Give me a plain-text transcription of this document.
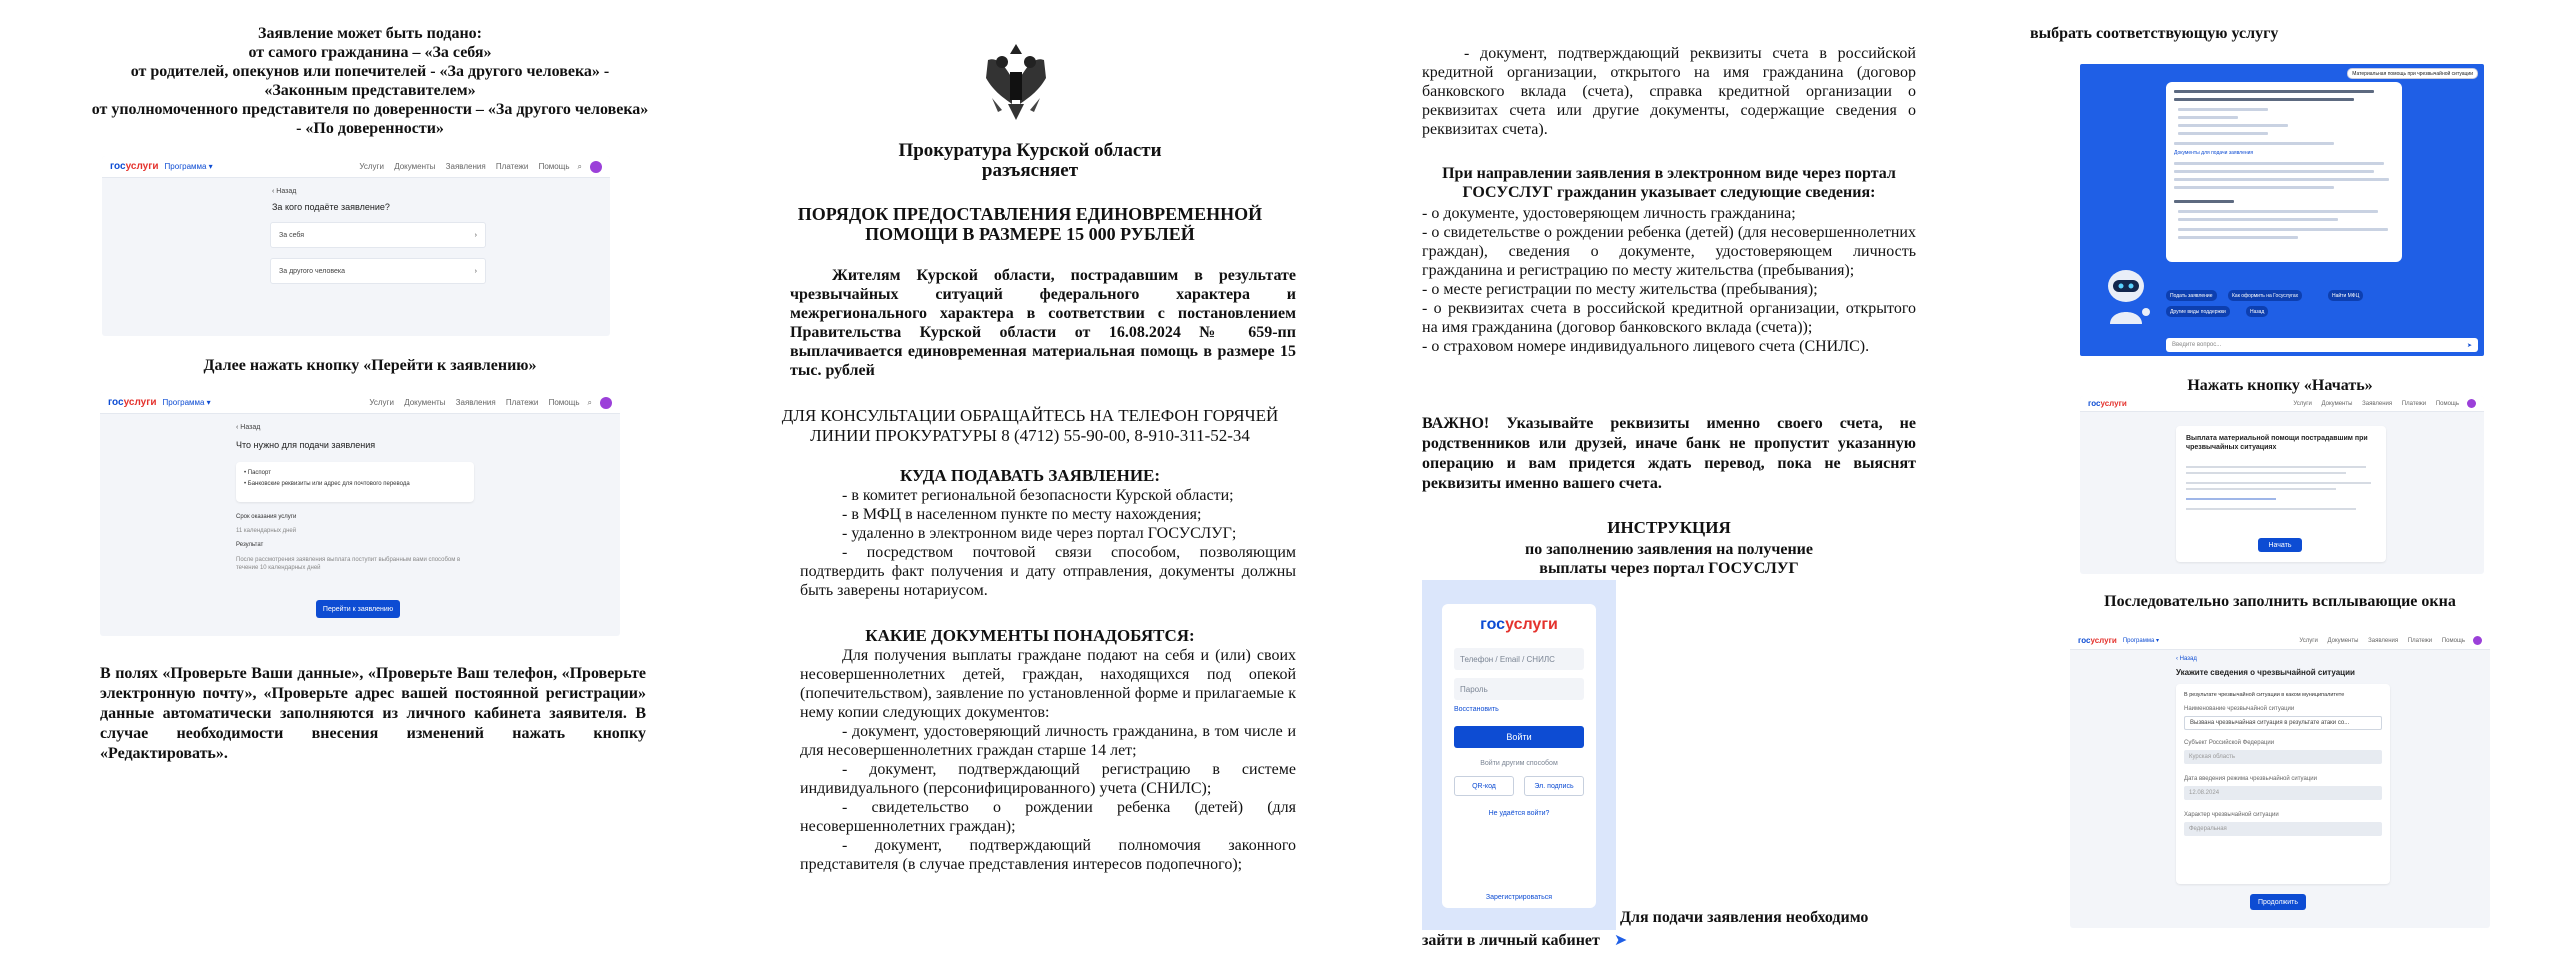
Заявление может быть подано:
от самого гражданина – «За себя»
от родителей, опекунов или попечителей - «За другого человека» - «Законным представителем»
от уполномоченного представителя по доверенности – «За другого человека» - «По доверенности»
госуслуги Программа ▾	Услуги Документы Заявления Платежи Помощь ⌕
‹ Назад
За кого подаёте заявление?
За себя	›
За другого человека	›
Далее нажать кнопку «Перейти к заявлению»
госуслуги Программа ▾	Услуги Документы Заявления Платежи Помощь ⌕
‹ Назад
Что нужно для подачи заявления
• Паспорт
• Банковские реквизиты или адрес для почтового перевода
Срок оказания услуги
11 календарных дней
Результат
После рассмотрения заявления выплата поступит выбранным вами способом в течение 10 календарных дней
Перейти к заявлению
В полях «Проверьте Ваши данные», «Проверьте Ваш телефон, «Проверьте электронную почту», «Проверьте адрес вашей постоянной регистрации» данные автоматически заполняются из личного кабинета заявителя. В случае необходимости внесения изменений нажать кнопку «Редактировать».
Прокуратура Курской области
разъясняет
ПОРЯДОК ПРЕДОСТАВЛЕНИЯ ЕДИНОВРЕМЕННОЙ
ПОМОЩИ В РАЗМЕРЕ 15 000 РУБЛЕЙ
Жителям Курской области, пострадавшим в результате чрезвычайных ситуаций федерального характера и межрегионального характера в соответствии с постановлением Правительства Курской области от 16.08.2024 № 659-пп выплачивается единовременная материальная помощь в размере 15 тыс. рублей
ДЛЯ КОНСУЛЬТАЦИИ ОБРАЩАЙТЕСЬ НА ТЕЛЕФОН ГОРЯЧЕЙ ЛИНИИ ПРОКУРАТУРЫ 8 (4712) 55-90-00, 8-910-311-52-34
КУДА ПОДАВАТЬ ЗАЯВЛЕНИЕ:
- в комитет региональной безопасности Курской области;
- в МФЦ в населенном пункте по месту нахождения;
- удаленно в электронном виде через портал ГОСУСЛУГ;
- посредством почтовой связи способом, позволяющим подтвердить факт получения и дату отправления, документы должны быть заверены нотариусом.
КАКИЕ ДОКУМЕНТЫ ПОНАДОБЯТСЯ:
Для получения выплаты граждане подают на себя и (или) своих несовершеннолетних детей, граждан, находящихся под опекой (попечительством), заявление по установленной форме и прилагаемые к нему копии следующих документов:
- документ, удостоверяющий личность гражданина, в том числе и для несовершеннолетних граждан старше 14 лет;
- документ, подтверждающий регистрацию в системе индивидуального (персонифицированного) учета (СНИЛС);
- свидетельство о рождении ребенка (детей) (для несовершеннолетних граждан);
- документ, подтверждающий полномочия законного представителя (в случае представления интересов подопечного);
- документ, подтверждающий реквизиты счета в российской кредитной организации, открытого на имя гражданина (договор банковского вклада (счета), справка кредитной организации о реквизитах счета или другие документы, содержащие сведения о реквизитах счета).
При направлении заявления в электронном виде через портал ГОСУСЛУГ гражданин указывает следующие сведения:
- о документе, удостоверяющем личность гражданина;
- о свидетельстве о рождении ребенка (детей) (для несовершеннолетних граждан), сведения о документе, удостоверяющем личность гражданина и регистрацию по месту жительства (пребывания);
- о месте регистрации по месту жительства (пребывания);
- о реквизитах счета в российской кредитной организации, открытого на имя гражданина (договор банковского вклада (счета));
- о страховом номере индивидуального лицевого счета (СНИЛС).
ВАЖНО! Указывайте реквизиты именно своего счета, не родственников или друзей, иначе банк не пропустит указанную операцию и вам придется ждать перевод, пока не выяснят реквизиты именно вашего счета.
ИНСТРУКЦИЯ
по заполнению заявления на получение выплаты через портал ГОСУСЛУГ
госуслуги
Телефон / Email / СНИЛС
Пароль
Восстановить
Войти
Войти другим способом
QR-код	Эл. подпись
Не удаётся войти?
Зарегистрироваться
Для подачи заявления необходимо
зайти в личный кабинет ➤
выбрать соответствующую услугу
Материальная помощь при чрезвычайной ситуации
Документы для подачи заявления
Подать заявление	Как оформить на Госуслугах	Найти МФЦ
Другие виды поддержки	Назад
Введите вопрос...	➤
Нажать кнопку «Начать»
госуслуги	Услуги Документы Заявления Платежи Помощь
Выплата материальной помощи пострадавшим при чрезвычайных ситуациях
Начать
Последовательно заполнить всплывающие окна
госуслуги Программа ▾	Услуги Документы Заявления Платежи Помощь
‹ Назад
Укажите сведения о чрезвычайной ситуации
В результате чрезвычайной ситуации в каком муниципалитете
Наименование чрезвычайной ситуации
Вызвана чрезвычайная ситуация в результате атаки со...
Субъект Российской Федерации
Курская область
Дата введения режима чрезвычайной ситуации
12.08.2024
Характер чрезвычайной ситуации
Федеральная
Продолжить
